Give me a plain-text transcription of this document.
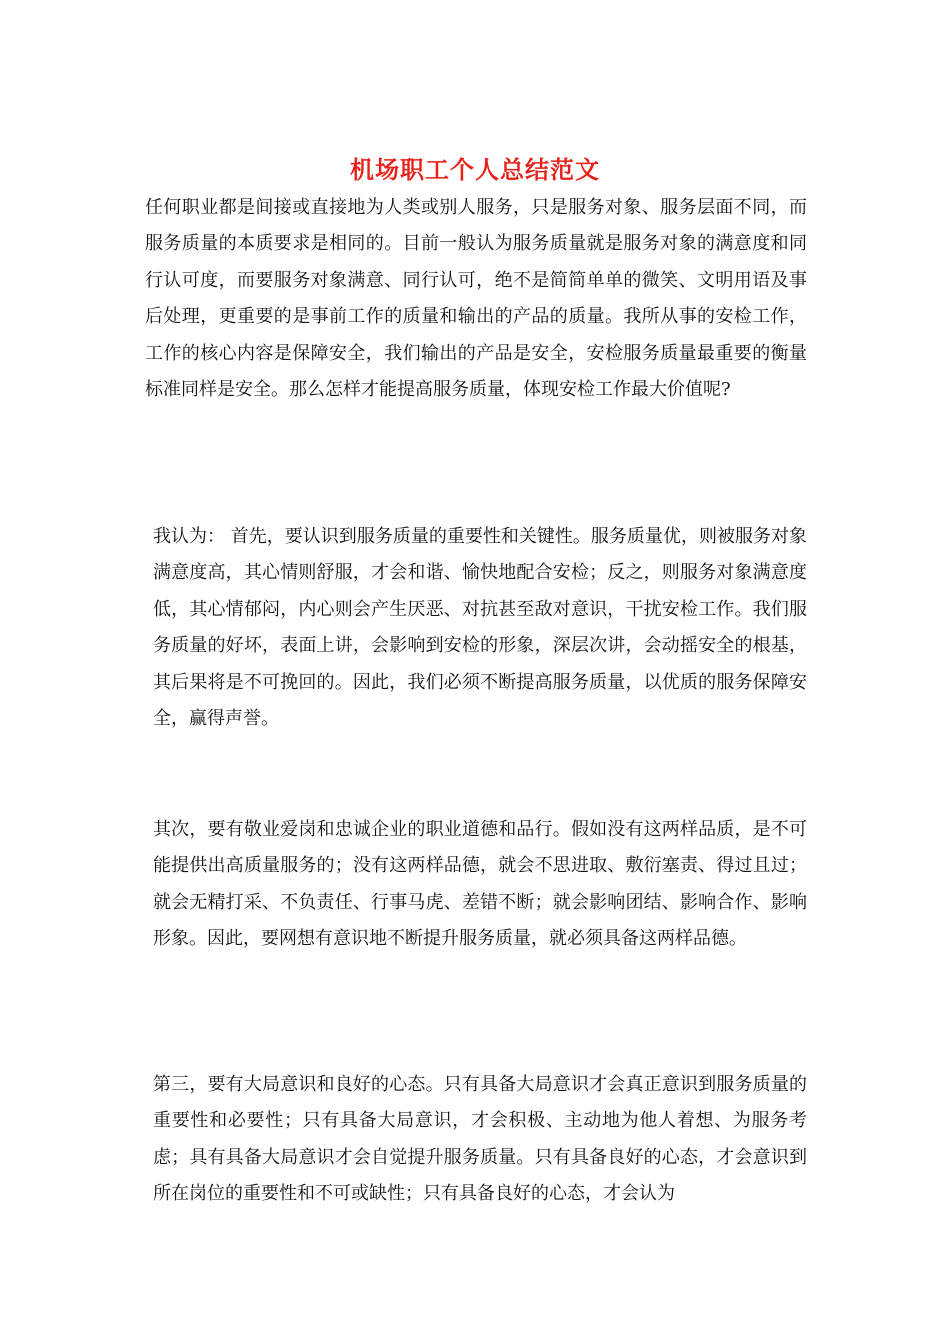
机场职工个人总结范文

任何职业都是间接或直接地为人类或别人服务，只是服务对象、服务层面不同，而服务质量的本质要求是相同的。目前一般认为服务质量就是服务对象的满意度和同行认可度，而要服务对象满意、同行认可，绝不是简简单单的微笑、文明用语及事后处理，更重要的是事前工作的质量和输出的产品的质量。我所从事的安检工作，工作的核心内容是保障安全，我们输出的产品是安全，安检服务质量最重要的衡量标准同样是安全。那么怎样才能提高服务质量，体现安检工作最大价值呢?

我认为： 首先，要认识到服务质量的重要性和关键性。服务质量优，则被服务对象满意度高，其心情则舒服，才会和谐、愉快地配合安检；反之，则服务对象满意度低，其心情郁闷，内心则会产生厌恶、对抗甚至敌对意识，干扰安检工作。我们服务质量的好坏，表面上讲，会影响到安检的形象，深层次讲，会动摇安全的根基，其后果将是不可挽回的。因此，我们必须不断提高服务质量，以优质的服务保障安全，赢得声誉。

其次，要有敬业爱岗和忠诚企业的职业道德和品行。假如没有这两样品质，是不可能提供出高质量服务的；没有这两样品德，就会不思进取、敷衍塞责、得过且过；就会无精打采、不负责任、行事马虎、差错不断；就会影响团结、影响合作、影响形象。因此，要网想有意识地不断提升服务质量，就必须具备这两样品德。

第三，要有大局意识和良好的心态。只有具备大局意识才会真正意识到服务质量的重要性和必要性；只有具备大局意识，才会积极、主动地为他人着想、为服务考虑；具有具备大局意识才会自觉提升服务质量。只有具备良好的心态，才会意识到所在岗位的重要性和不可或缺性；只有具备良好的心态，才会认为
